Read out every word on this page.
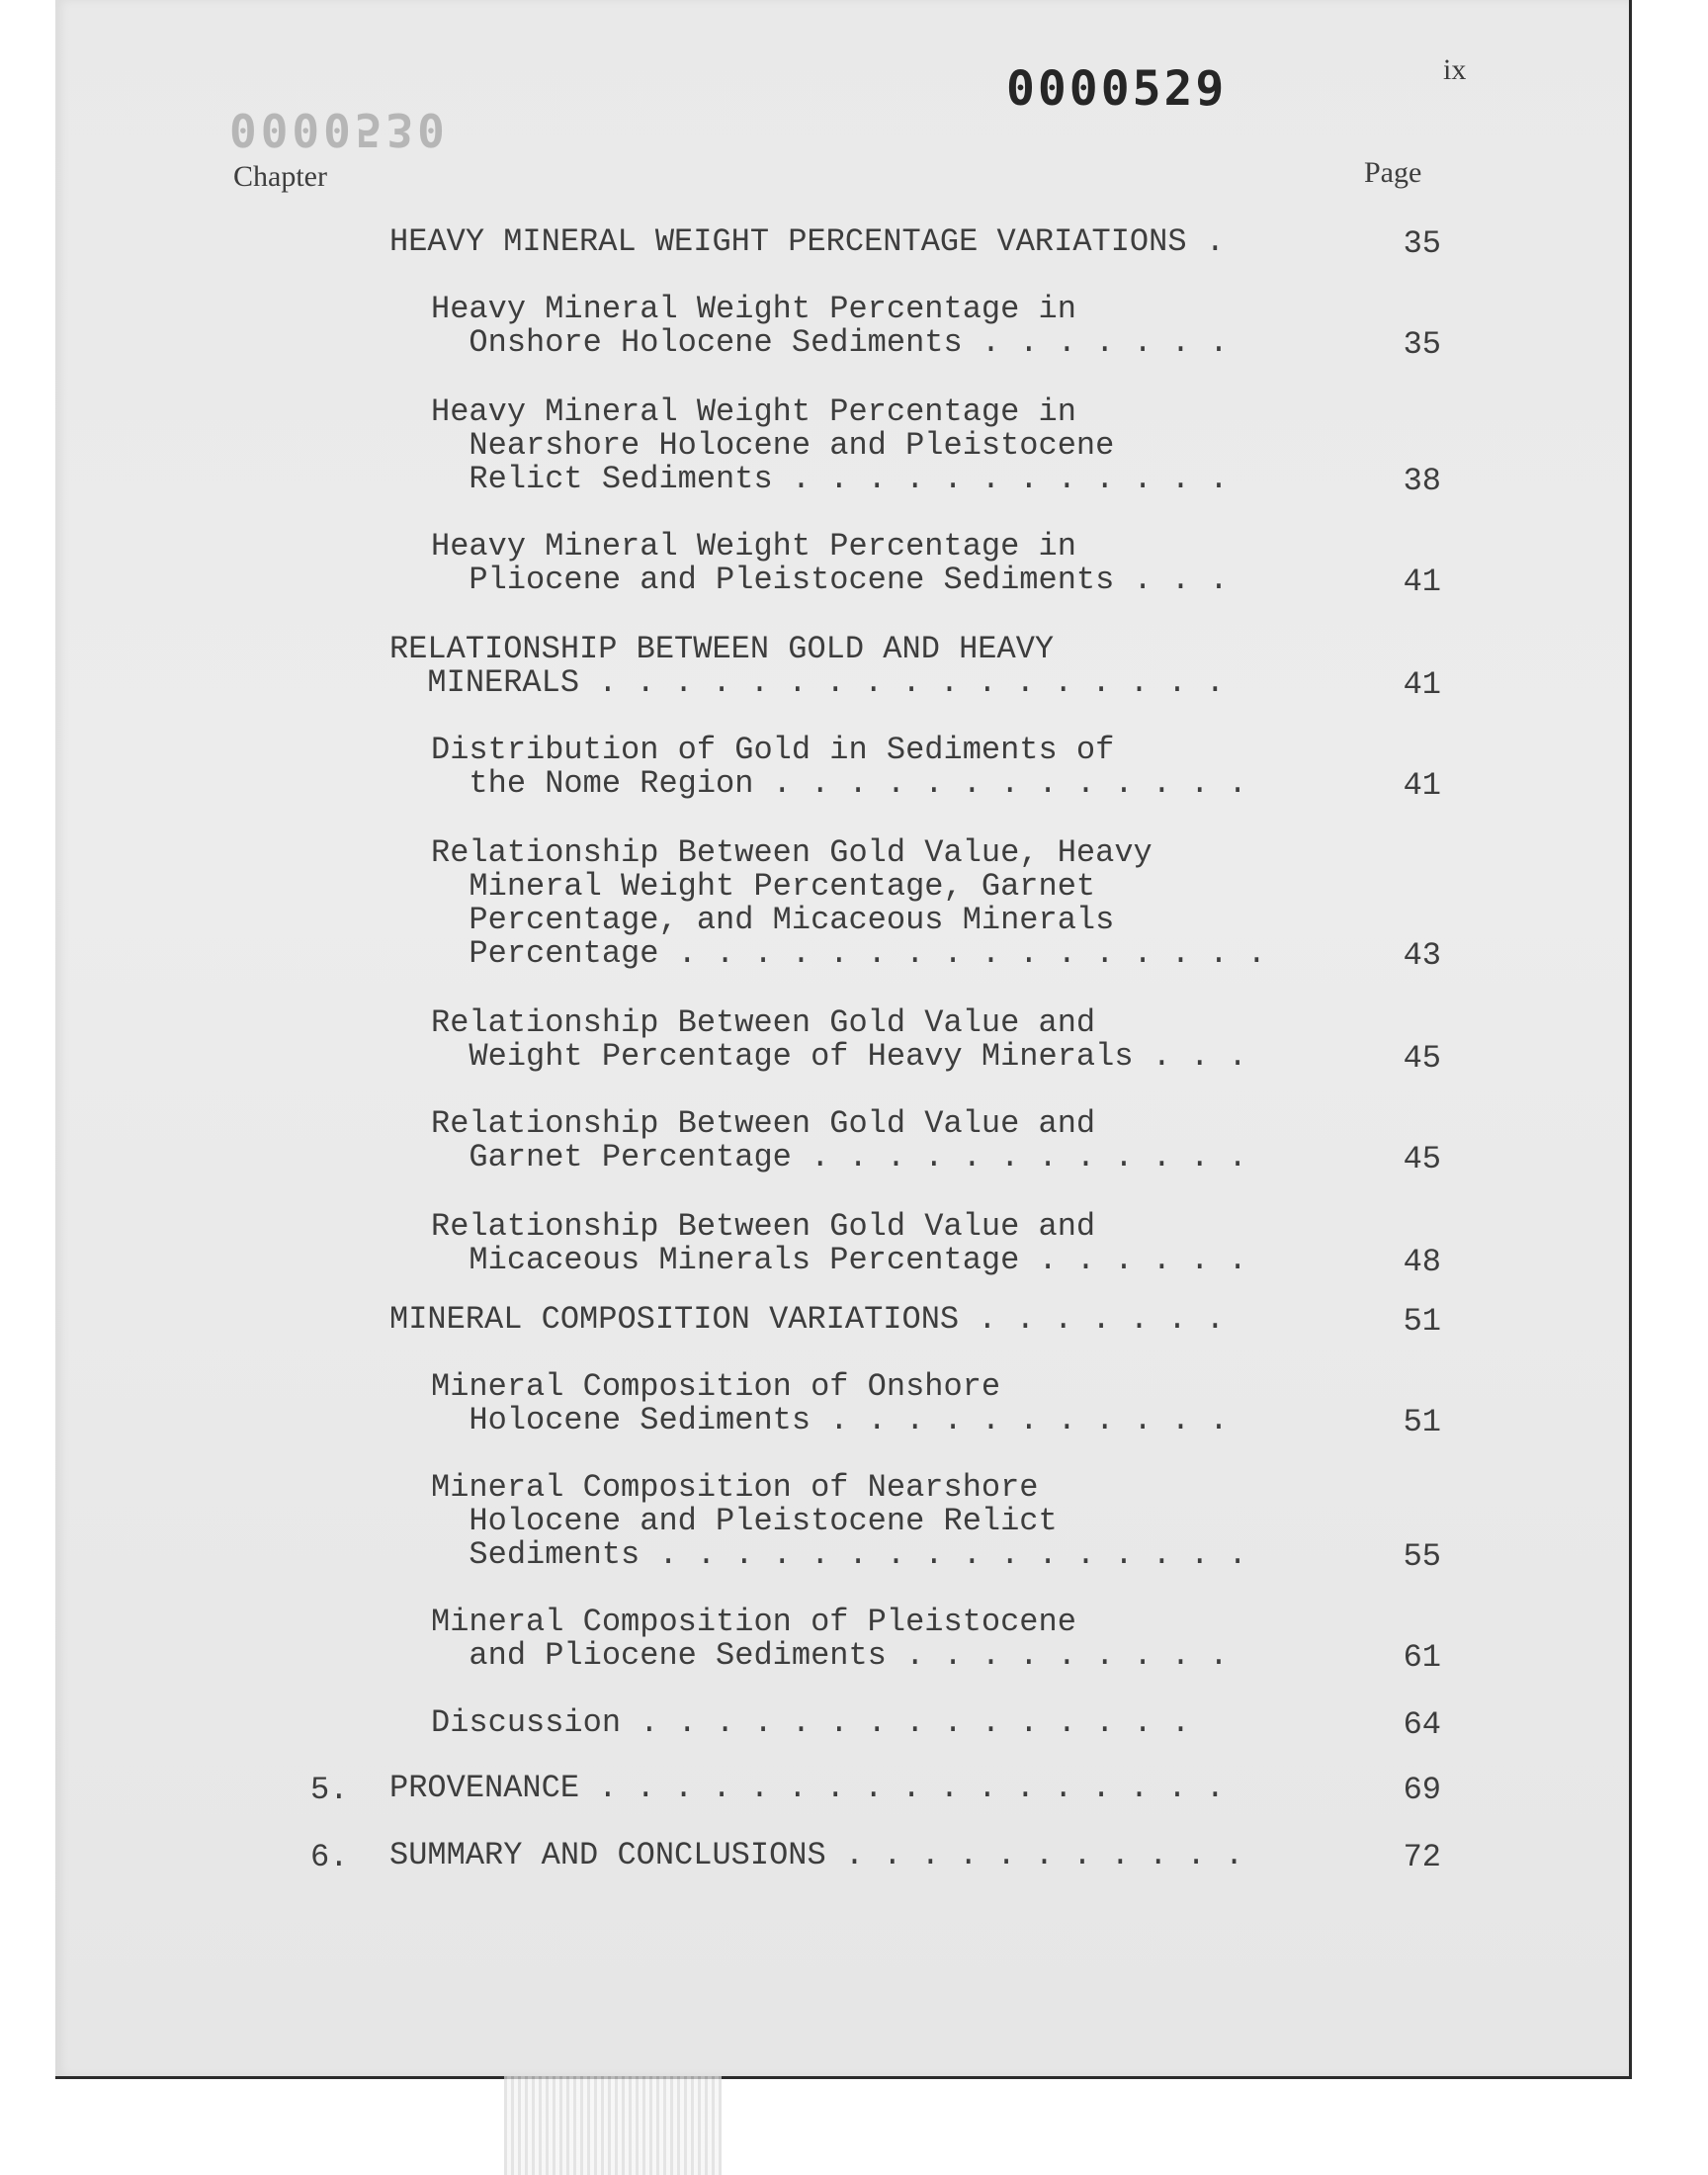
ix
0000529
0000530
Chapter	Page
HEAVY MINERAL WEIGHT PERCENTAGE VARIATIONS .	35
Heavy Mineral Weight Percentage in
Onshore Holocene Sediments . . . . . . .	35
Heavy Mineral Weight Percentage in
Nearshore Holocene and Pleistocene
Relict Sediments . . . . . . . . . . . .	38
Heavy Mineral Weight Percentage in
Pliocene and Pleistocene Sediments . . .	41
RELATIONSHIP BETWEEN GOLD AND HEAVY
MINERALS . . . . . . . . . . . . . . . . .	41
Distribution of Gold in Sediments of
the Nome Region . . . . . . . . . . . . .	41
Relationship Between Gold Value, Heavy
Mineral Weight Percentage, Garnet
Percentage, and Micaceous Minerals
Percentage . . . . . . . . . . . . . . . .	43
Relationship Between Gold Value and
Weight Percentage of Heavy Minerals . . .	45
Relationship Between Gold Value and
Garnet Percentage . . . . . . . . . . . .	45
Relationship Between Gold Value and
Micaceous Minerals Percentage . . . . . .	48
MINERAL COMPOSITION VARIATIONS . . . . . . .	51
Mineral Composition of Onshore
Holocene Sediments . . . . . . . . . . .	51
Mineral Composition of Nearshore
Holocene and Pleistocene Relict
Sediments . . . . . . . . . . . . . . . .	55
Mineral Composition of Pleistocene
and Pliocene Sediments . . . . . . . . .	61
Discussion . . . . . . . . . . . . . . .	64
5. PROVENANCE . . . . . . . . . . . . . . . . .	69
6. SUMMARY AND CONCLUSIONS . . . . . . . . . . .	72
